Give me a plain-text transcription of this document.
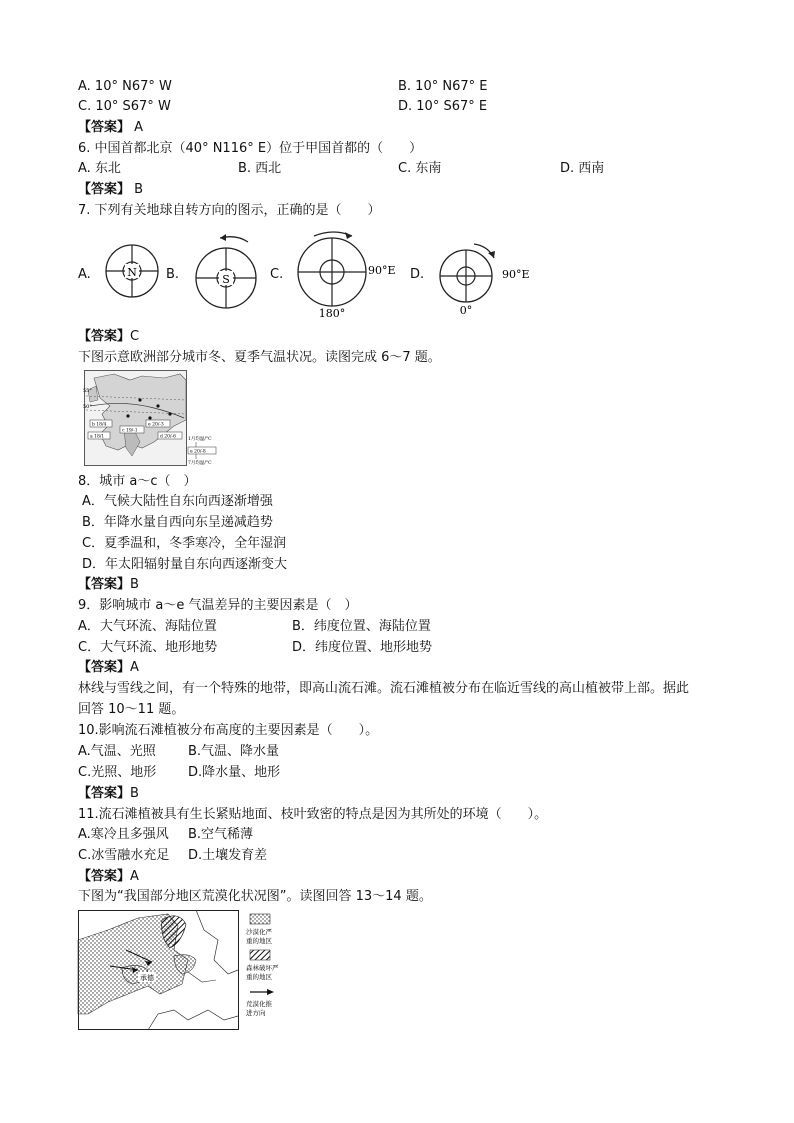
A. 10° N67° W	B. 10° N67° E
C. 10° S67° W	D. 10° S67° E
【答案】 A
6. 中国首都北京（40° N116° E）位于甲国首都的（　　）
A. 东北	B. 西北	C. 东南	D. 西南
【答案】 B
7. 下列有关地球自转方向的图示，正确的是（　　）
A.	N B.	S	C.	90°E
180°
D.	90°E
0°
【答案】C
下图示意欧洲部分城市冬、夏季气温状况。读图完成 6～7 题。
55°
50°
b 18/4
a 18/1
c 19/-1
e 20/-3
d 20/-6	1月均温/°C
e 20/-8
7月均温/°C
8．城市 a～c（　）
A．气候大陆性自东向西逐渐增强
B．年降水量自西向东呈递减趋势
C．夏季温和，冬季寒冷，全年湿润
D．年太阳辐射量自东向西逐渐变大
【答案】B
9．影响城市 a～e 气温差异的主要因素是（　）
A．大气环流、海陆位置	B．纬度位置、海陆位置
C．大气环流、地形地势	D．纬度位置、地形地势
【答案】A
林线与雪线之间，有一个特殊的地带，即高山流石滩。流石滩植被分布在临近雪线的高山植被带上部。据此
回答 10～11 题。
10.影响流石滩植被分布高度的主要因素是（　　）。
A.气温、光照 B.气温、降水量
C.光照、地形 D.降水量、地形
【答案】B
11.流石滩植被具有生长紧贴地面、枝叶致密的特点是因为其所处的环境（　　）。
A.寒冷且多强风 B.空气稀薄
C.冰雪融水充足 D.土壤发育差
【答案】A
下图为“我国部分地区荒漠化状况图”。读图回答 13～14 题。
承德
沙漠化严
重的地区
森林破坏严
重的地区
荒漠化推
进方向
